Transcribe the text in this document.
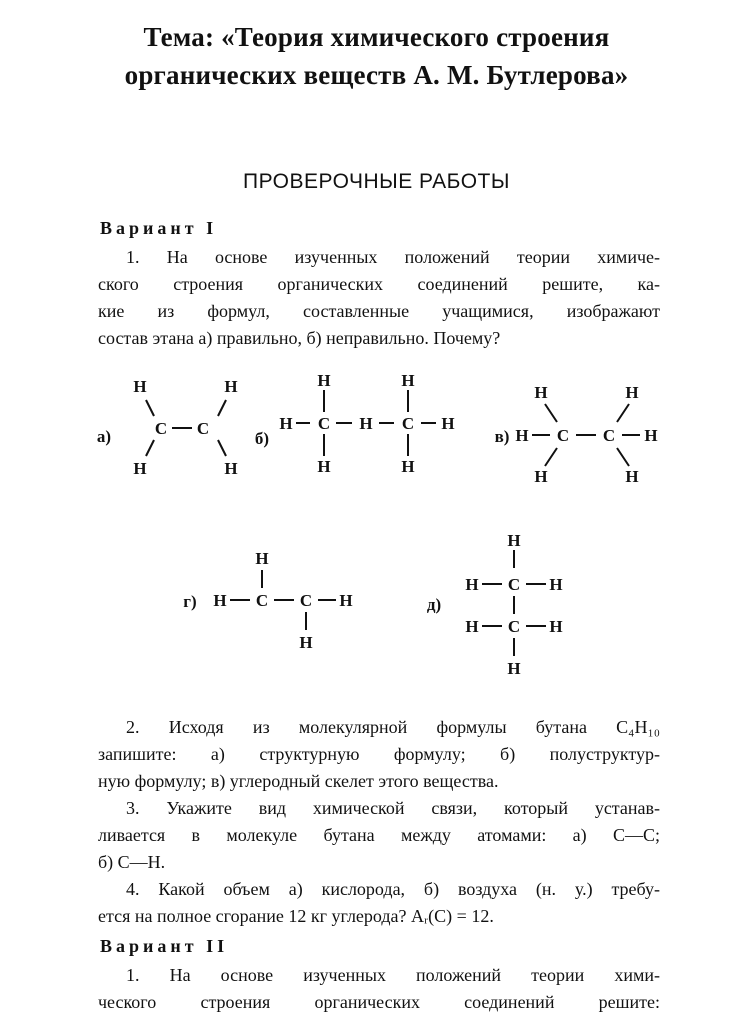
Тема: «Теория химического строения
органических веществ А. М. Бутлерова»
ПРОВЕРОЧНЫЕ РАБОТЫ
Вариант I
1. На основе изученных положений теории химиче-
ского строения органических соединений решите, ка-
кие из формул, составленные учащимися, изображают
состав этана а) правильно, б) неправильно. Почему?
а)
H	H
C C
H	H
б)
H	H
H C H C H
H	H
в)
H	H
H C C H
H	H
г)
H
H C C H
H
д)
H
H C H
H C H
H
2. Исходя из молекулярной формулы бутана C₄H₁₀
запишите: а) структурную формулу; б) полуструктур-
ную формулу; в) углеродный скелет этого вещества.
3. Укажите вид химической связи, который устанав-
ливается в молекуле бутана между атомами: а) С—С;
б) С—Н.
4. Какой объем а) кислорода, б) воздуха (н. у.) требу-
ется на полное сгорание 12 кг углерода? Aᵣ(C) = 12.
Вариант II
1. На основе изученных положений теории хими-
ческого строения органических соединений решите:
